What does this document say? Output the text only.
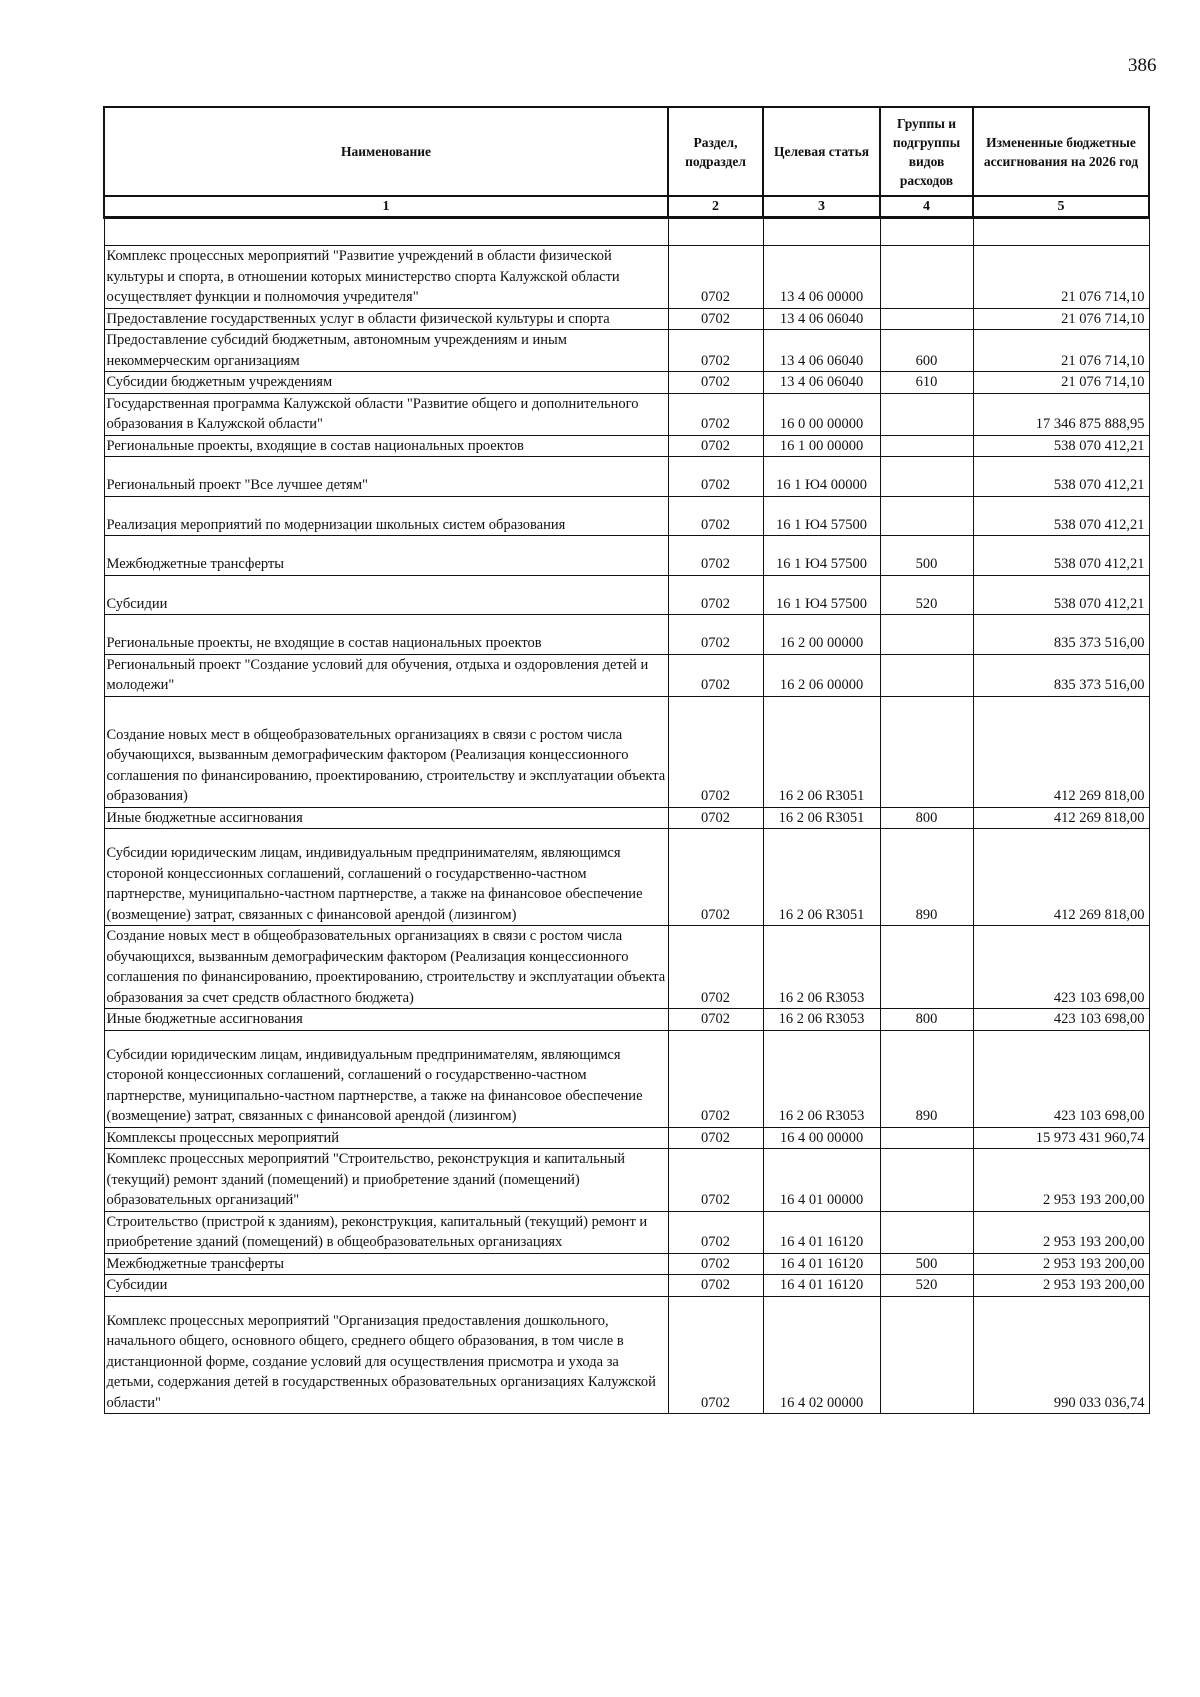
386
Наименование	Раздел, подраздел	Целевая статья	Группы и подгруппы видов расходов	Измененные бюджетные ассигнования на 2026 год
1	2	3	4	5

Комплекс процессных мероприятий "Развитие учреждений в области физической культуры и спорта, в отношении которых министерство спорта Калужской области осуществляет функции и полномочия учредителя"	0702	13 4 06 00000		21 076 714,10
Предоставление государственных услуг в области физической культуры и спорта	0702	13 4 06 06040		21 076 714,10
Предоставление субсидий бюджетным, автономным учреждениям и иным некоммерческим организациям	0702	13 4 06 06040	600	21 076 714,10
Субсидии бюджетным учреждениям	0702	13 4 06 06040	610	21 076 714,10
Государственная программа Калужской области "Развитие общего и дополнительного образования в Калужской области"	0702	16 0 00 00000		17 346 875 888,95
Региональные проекты, входящие в состав национальных проектов	0702	16 1 00 00000		538 070 412,21
Региональный проект "Все лучшее детям"	0702	16 1 Ю4 00000		538 070 412,21
Реализация мероприятий по модернизации школьных систем образования	0702	16 1 Ю4 57500		538 070 412,21
Межбюджетные трансферты	0702	16 1 Ю4 57500	500	538 070 412,21
Субсидии	0702	16 1 Ю4 57500	520	538 070 412,21
Региональные проекты, не входящие в состав национальных проектов	0702	16 2 00 00000		835 373 516,00
Региональный проект "Создание условий для обучения, отдыха и оздоровления детей и молодежи"	0702	16 2 06 00000		835 373 516,00
Создание новых мест в общеобразовательных организациях в связи с ростом числа обучающихся, вызванным демографическим фактором (Реализация концессионного соглашения по финансированию, проектированию, строительству и эксплуатации объекта образования)	0702	16 2 06 R3051		412 269 818,00
Иные бюджетные ассигнования	0702	16 2 06 R3051	800	412 269 818,00
Субсидии юридическим лицам, индивидуальным предпринимателям, являющимся стороной концессионных соглашений, соглашений о государственно-частном партнерстве, муниципально-частном партнерстве, а также на финансовое обеспечение (возмещение) затрат, связанных с финансовой арендой (лизингом)	0702	16 2 06 R3051	890	412 269 818,00
Создание новых мест в общеобразовательных организациях в связи с ростом числа обучающихся, вызванным демографическим фактором (Реализация концессионного соглашения по финансированию, проектированию, строительству и эксплуатации объекта образования за счет средств областного бюджета)	0702	16 2 06 R3053		423 103 698,00
Иные бюджетные ассигнования	0702	16 2 06 R3053	800	423 103 698,00
Субсидии юридическим лицам, индивидуальным предпринимателям, являющимся стороной концессионных соглашений, соглашений о государственно-частном партнерстве, муниципально-частном партнерстве, а также на финансовое обеспечение (возмещение) затрат, связанных с финансовой арендой (лизингом)	0702	16 2 06 R3053	890	423 103 698,00
Комплексы процессных мероприятий	0702	16 4 00 00000		15 973 431 960,74
Комплекс процессных мероприятий "Строительство, реконструкция и капитальный (текущий) ремонт зданий (помещений) и приобретение зданий (помещений) образовательных организаций"	0702	16 4 01 00000		2 953 193 200,00
Строительство (пристрой к зданиям), реконструкция, капитальный (текущий) ремонт и приобретение зданий (помещений) в общеобразовательных организациях	0702	16 4 01 16120		2 953 193 200,00
Межбюджетные трансферты	0702	16 4 01 16120	500	2 953 193 200,00
Субсидии	0702	16 4 01 16120	520	2 953 193 200,00
Комплекс процессных мероприятий "Организация предоставления дошкольного, начального общего, основного общего, среднего общего образования, в том числе в дистанционной форме, создание условий для осуществления присмотра и ухода за детьми, содержания детей в государственных образовательных организациях Калужской области"	0702	16 4 02 00000		990 033 036,74
